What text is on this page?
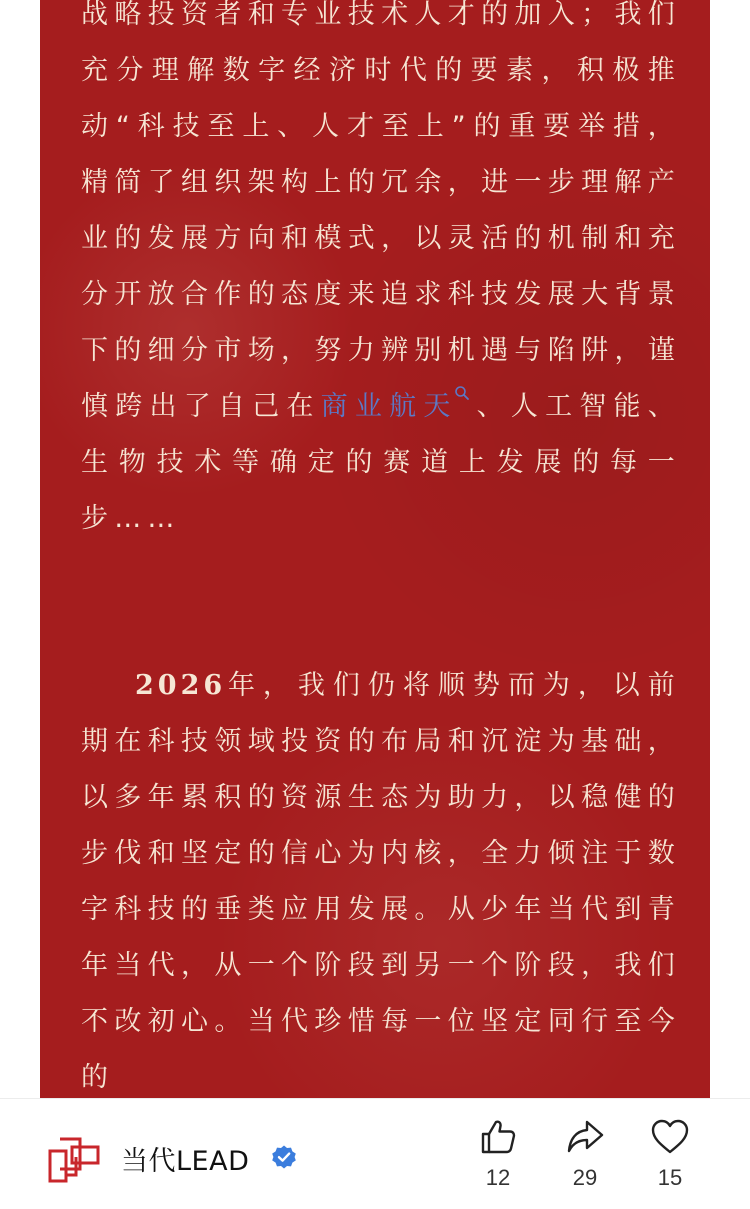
战略投资者和专业技术人才的加入；我们充分理解数字经济时代的要素，积极推动“科技至上、人才至上”的重要举措，精简了组织架构上的冗余，进一步理解产业的发展方向和模式，以灵活的机制和充分开放合作的态度来追求科技发展大背景下的细分市场，努力辨别机遇与陷阱，谨慎跨出了自己在商业航天 、人工智能、生物技术等确定的赛道上发展的每一步……

2026年，我们仍将顺势而为，以前期在科技领域投资的布局和沉淀为基础，以多年累积的资源生态为助力，以稳健的步伐和坚定的信心为内核，全力倾注于数字科技的垂类应用发展。从少年当代到青年当代，从一个阶段到另一个阶段，我们不改初心。当代珍惜每一位坚定同行至今的

当代LEAD
12	29	15
